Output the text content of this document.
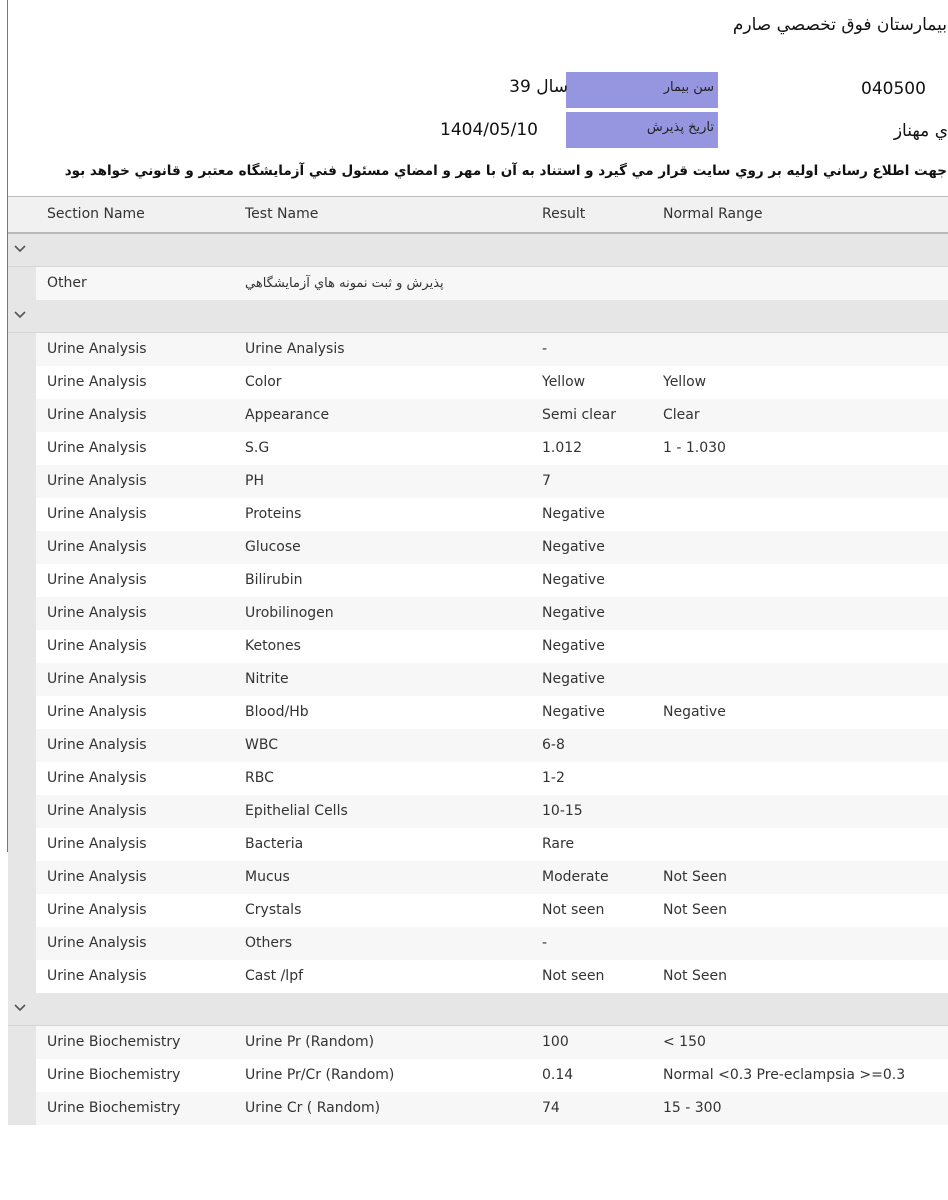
بیمارستان فوق تخصصي صارم
040500
سن بیمار
سال 39
ي مهناز
تاریخ پذیرش
1404/05/10
جهت اطلاع رساني اولیه بر روي سایت قرار مي گیرد و استناد به آن با مهر و امضاي مسئول فني آزمایشگاه معتبر و قانوني خواهد بود
Section Name	Test Name	Result	Normal Range
Other	پذیرش و ثبت نمونه هاي آزمایشگاهي
Urine Analysis	Urine Analysis	-
Urine Analysis	Color	Yellow	Yellow
Urine Analysis	Appearance	Semi clear	Clear
Urine Analysis	S.G	1.012	1 - 1.030
Urine Analysis	PH	7
Urine Analysis	Proteins	Negative
Urine Analysis	Glucose	Negative
Urine Analysis	Bilirubin	Negative
Urine Analysis	Urobilinogen	Negative
Urine Analysis	Ketones	Negative
Urine Analysis	Nitrite	Negative
Urine Analysis	Blood/Hb	Negative	Negative
Urine Analysis	WBC	6-8
Urine Analysis	RBC	1-2
Urine Analysis	Epithelial Cells	10-15
Urine Analysis	Bacteria	Rare
Urine Analysis	Mucus	Moderate	Not Seen
Urine Analysis	Crystals	Not seen	Not Seen
Urine Analysis	Others	-
Urine Analysis	Cast /lpf	Not seen	Not Seen
Urine Biochemistry	Urine Pr (Random)	100	< 150
Urine Biochemistry	Urine Pr/Cr (Random)	0.14	Normal <0.3 Pre-eclampsia >=0.3
Urine Biochemistry	Urine Cr ( Random)	74	15 - 300
